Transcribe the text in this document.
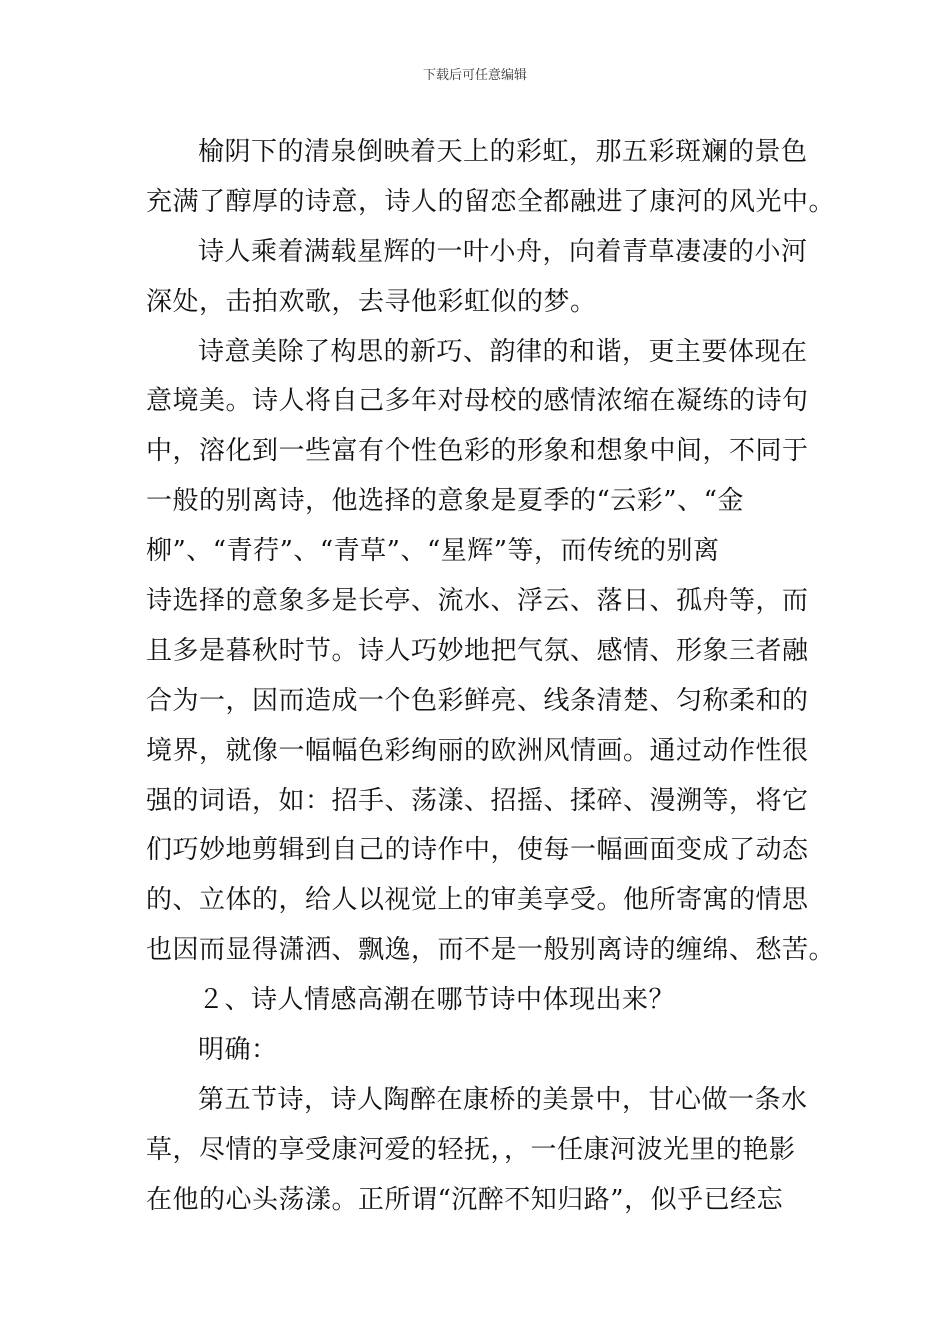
下载后可任意编辑
榆阴下的清泉倒映着天上的彩虹，那五彩斑斓的景色
充满了醇厚的诗意，诗人的留恋全都融进了康河的风光中。
诗人乘着满载星辉的一叶小舟，向着青草凄凄的小河
深处，击拍欢歌，去寻他彩虹似的梦。
诗意美除了构思的新巧、韵律的和谐，更主要体现在
意境美。诗人将自己多年对母校的感情浓缩在凝练的诗句
中，溶化到一些富有个性色彩的形象和想象中间，不同于
一般的别离诗，他选择的意象是夏季的“云彩”、“金
柳”、“青荇”、“青草”、“星辉”等，而传统的别离
诗选择的意象多是长亭、流水、浮云、落日、孤舟等，而
且多是暮秋时节。诗人巧妙地把气氛、感情、形象三者融
合为一，因而造成一个色彩鲜亮、线条清楚、匀称柔和的
境界，就像一幅幅色彩绚丽的欧洲风情画。通过动作性很
强的词语，如：招手、荡漾、招摇、揉碎、漫溯等，将它
们巧妙地剪辑到自己的诗作中，使每一幅画面变成了动态
的、立体的，给人以视觉上的审美享受。他所寄寓的情思
也因而显得潇洒、飘逸，而不是一般别离诗的缠绵、愁苦。
２、诗人情感高潮在哪节诗中体现出来？
明确：
第五节诗，诗人陶醉在康桥的美景中，甘心做一条水
草，尽情的享受康河爱的轻抚，，一任康河波光里的艳影
在他的心头荡漾。正所谓“沉醉不知归路”，似乎已经忘
